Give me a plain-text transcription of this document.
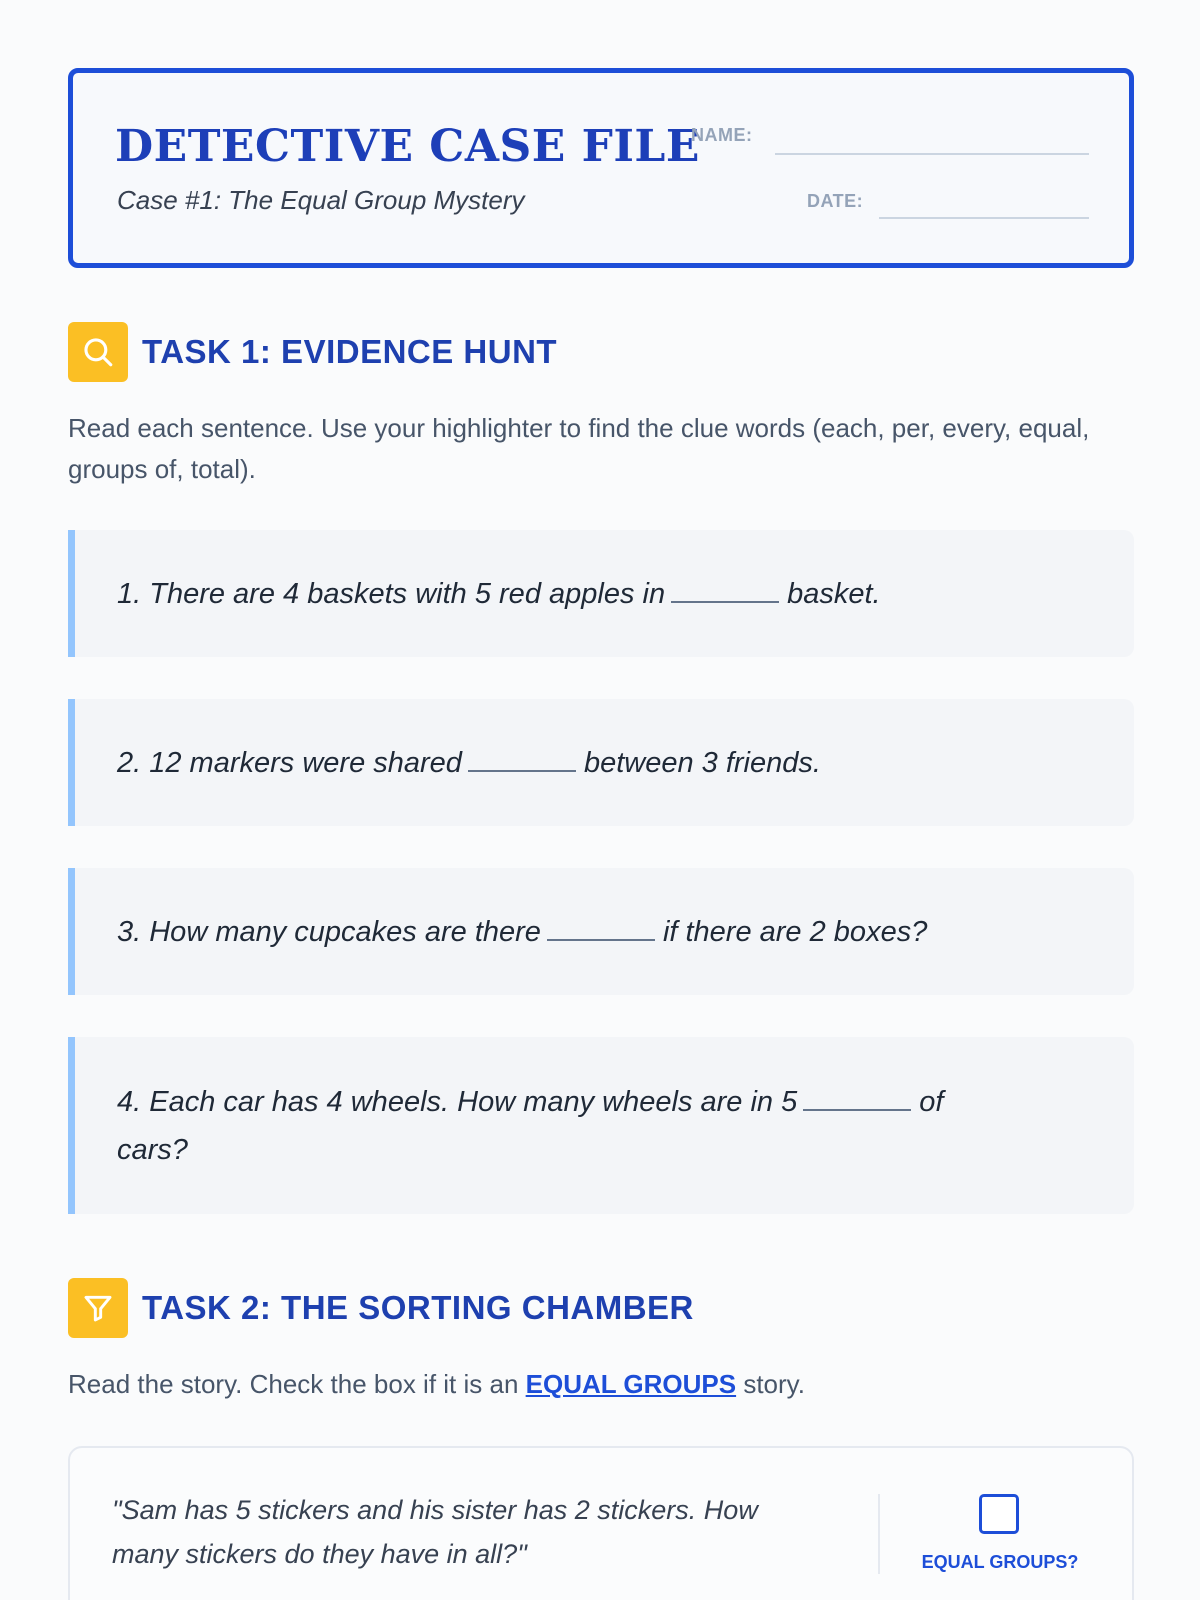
DETECTIVE CASE FILE
Case #1: The Equal Group Mystery
NAME:
DATE:
TASK 1: EVIDENCE HUNT
Read each sentence. Use your highlighter to find the clue words (each, per, every, equal, groups of, total).
1. There are 4 baskets with 5 red apples in	basket.
2. 12 markers were shared	between 3 friends.
3. How many cupcakes are there	if there are 2 boxes?
4. Each car has 4 wheels. How many wheels are in 5	of cars?
TASK 2: THE SORTING CHAMBER
Read the story. Check the box if it is an EQUAL GROUPS story.
"Sam has 5 stickers and his sister has 2 stickers. How many stickers do they have in all?"	EQUAL GROUPS?
